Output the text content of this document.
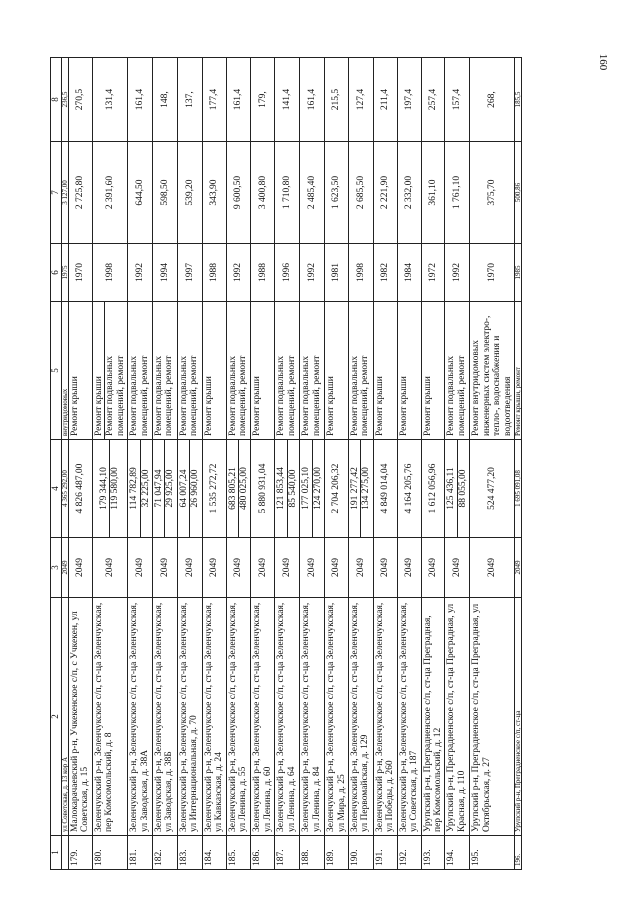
160
1	2	3	4	5	6	7	8
	ул Советская, д. 13 кор А	2049	4 365 292,00	внутридомовых	1975	3 127,00	236,5
179.	Малокарачаевский р-н, Учкекенское с/п, с Учкекен, ул Советская, д. 15	2049	4 826 487,00	Ремонт крыши	1970	2 725,80	270,5
180.	Зеленчукский р-н, Зеленчукское с/п, ст-ца Зеленчукская, пер Комсомольский, д. 8	2049	179 344,10 119 580,00	Ремонт крыши Ремонт подвальных помещений, ремонт	1998	2 391,60	131,4
181.	Зеленчукский р-н, Зеленчукское с/п, ст-ца Зеленчукская, ул Заводская, д. 38А	2049	114 782,89 32 225,00	Ремонт подвальных помещений, ремонт	1992	644,50	161,4
182.	Зеленчукский р-н, Зеленчукское с/п, ст-ца Зеленчукская, ул Заводская, д. 38Б	2049	71 047,94 29 925,00	Ремонт подвальных помещений, ремонт	1994	598,50	148,
183.	Зеленчукский р-н, Зеленчукское с/п, ст-ца Зеленчукская, ул Интернациональная, д. 70	2049	64 007,24 26 960,00	Ремонт подвальных помещений, ремонт	1997	539,20	137,
184.	Зеленчукский р-н, Зеленчукское с/п, ст-ца Зеленчукская, ул Кавказская, д. 24	2049	1 535 272,72	Ремонт крыши	1988	343,90	177,4
185.	Зеленчукский р-н, Зеленчукское с/п, ст-ца Зеленчукская, ул Ленина, д. 55	2049	683 805,21 480 025,00	Ремонт подвальных помещений, ремонт	1992	9 600,50	161,4
186.	Зеленчукский р-н, Зеленчукское с/п, ст-ца Зеленчукская, ул Ленина, д. 60	2049	5 880 931,04	Ремонт крыши	1988	3 400,80	179,
187.	Зеленчукский р-н, Зеленчукское с/п, ст-ца Зеленчукская, ул Ленина, д. 64	2049	121 853,44 85 540,00	Ремонт подвальных помещений, ремонт	1996	1 710,80	141,4
188.	Зеленчукский р-н, Зеленчукское с/п, ст-ца Зеленчукская, ул Ленина, д. 84	2049	177 025,10 124 270,00	Ремонт подвальных помещений, ремонт	1992	2 485,40	161,4
189.	Зеленчукский р-н, Зеленчукское с/п, ст-ца Зеленчукская, ул Мира, д. 25	2049	2 704 206,32	Ремонт крыши	1981	1 623,50	215,5
190.	Зеленчукский р-н, Зеленчукское с/п, ст-ца Зеленчукская, ул Первомайская, д. 129	2049	191 277,42 134 275,00	Ремонт подвальных помещений, ремонт	1998	2 685,50	127,4
191.	Зеленчукский р-н, Зеленчукское с/п, ст-ца Зеленчукская, ул Победы, д. 260	2049	4 849 014,04	Ремонт крыши	1982	2 221,90	211,4
192.	Зеленчукский р-н, Зеленчукское с/п, ст-ца Зеленчукская, ул Советская, д. 187	2049	4 164 205,76	Ремонт крыши	1984	2 332,00	197,4
193.	Урупский р-н, Преградненское с/п, ст-ца Преградная, пер Комсомольский, д. 12	2049	1 612 056,96	Ремонт крыши	1972	361,10	257,4
194.	Урупский р-н, Преградненское с/п, ст-ца Преградная, ул Красная, д. 110	2049	125 436,11 88 055,00	Ремонт подвальных помещений, ремонт	1992	1 761,10	157,4
195.	Урупский р-н, Преградненское с/п, ст-ца Преградная, ул Октябрьская, д. 27	2049	524 477,20	Ремонт внутридомовых инженерных систем электро-, тепло-, водоснабжения и водоотведения	1970	375,70	268,
196.	Урупский р-н, Преградненское с/п, ст-ца	2049	1 695 091,08	Ремонт крыши, ремонт	1985	500,86	185,5
